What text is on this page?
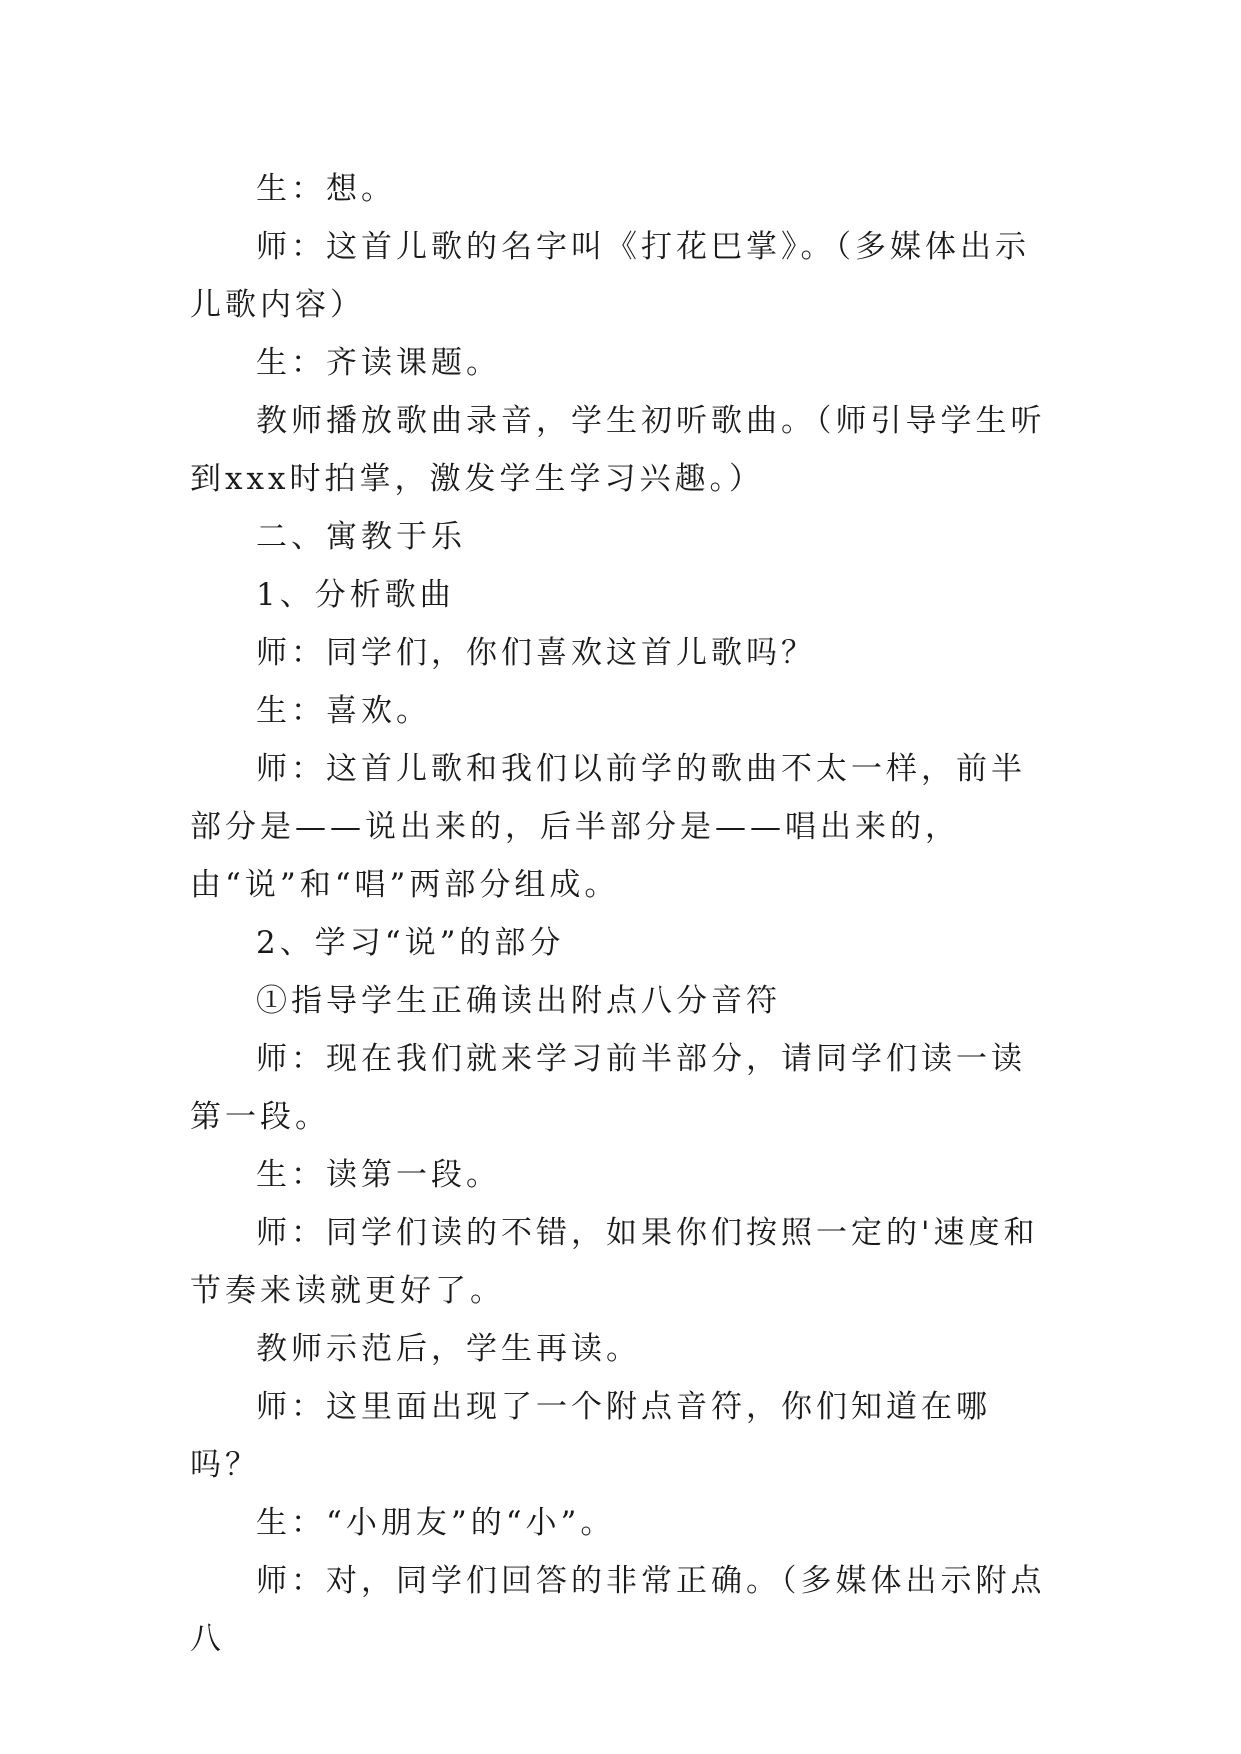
生：想。

师：这首儿歌的名字叫《打花巴掌》。（多媒体出示儿歌内容）

生：齐读课题。

教师播放歌曲录音，学生初听歌曲。（师引导学生听到xxx时拍掌，激发学生学习兴趣。）

二、寓教于乐

1、分析歌曲

师：同学们，你们喜欢这首儿歌吗？

生：喜欢。

师：这首儿歌和我们以前学的歌曲不太一样，前半部分是——说出来的，后半部分是——唱出来的，由“说”和“唱”两部分组成。

2、学习“说”的部分

①指导学生正确读出附点八分音符

师：现在我们就来学习前半部分，请同学们读一读第一段。

生：读第一段。

师：同学们读的不错，如果你们按照一定的'速度和节奏来读就更好了。

教师示范后，学生再读。

师：这里面出现了一个附点音符，你们知道在哪吗？

生：“小朋友”的“小”。

师：对，同学们回答的非常正确。（多媒体出示附点八
